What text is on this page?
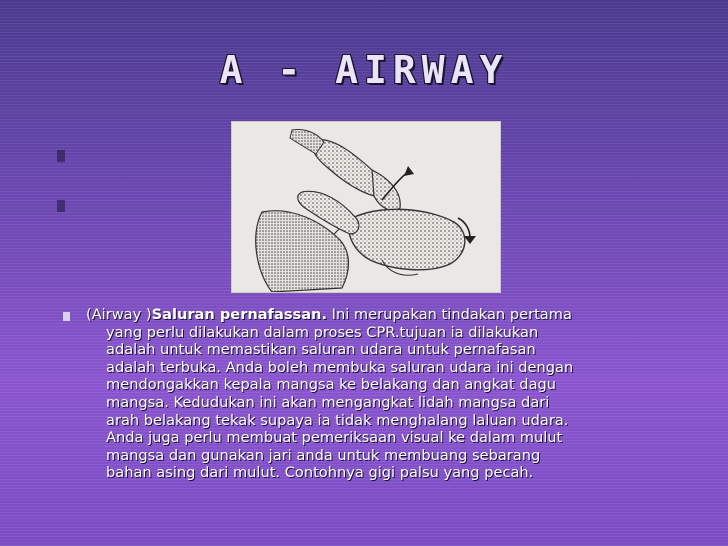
A - AIRWAY

(Airway )Saluran pernafassan. Ini merupakan tindakan pertama
yang perlu dilakukan dalam proses CPR.tujuan ia dilakukan
adalah untuk memastikan saluran udara untuk pernafasan
adalah terbuka. Anda boleh membuka saluran udara ini dengan
mendongakkan kepala mangsa ke belakang dan angkat dagu
mangsa. Kedudukan ini akan mengangkat lidah mangsa dari
arah belakang tekak supaya ia tidak menghalang laluan udara.
Anda juga perlu membuat pemeriksaan visual ke dalam mulut
mangsa dan gunakan jari anda untuk membuang sebarang
bahan asing dari mulut. Contohnya gigi palsu yang pecah.
